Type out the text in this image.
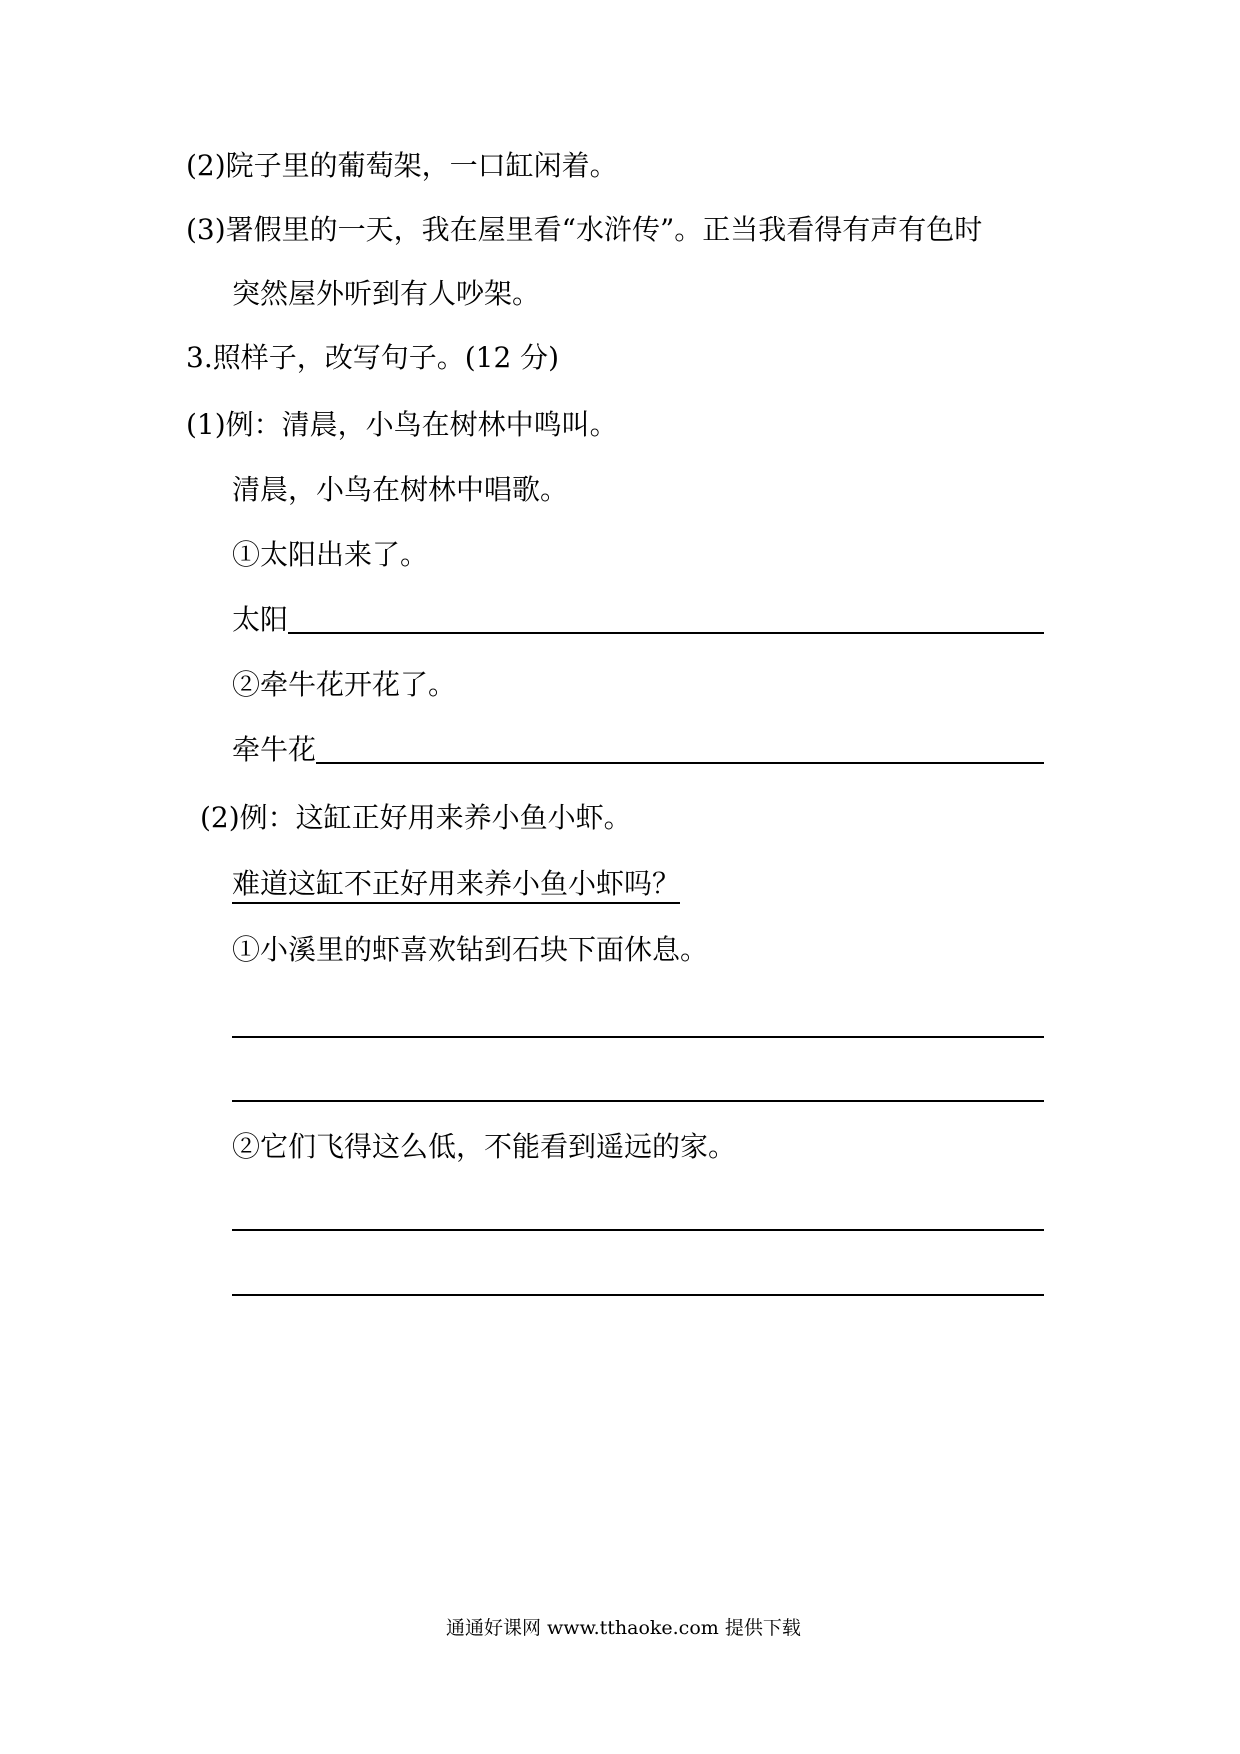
(2)院子里的葡萄架，一口缸闲着。
(3)署假里的一天，我在屋里看“水浒传”。正当我看得有声有色时
突然屋外听到有人吵架。
3.照样子，改写句子。(12 分)
(1)例：清晨，小鸟在树林中鸣叫。
清晨，小鸟在树林中唱歌。
①太阳出来了。
太阳
②牵牛花开花了。
牵牛花
(2)例：这缸正好用来养小鱼小虾。
难道这缸不正好用来养小鱼小虾吗？
①小溪里的虾喜欢钻到石块下面休息。
②它们飞得这么低，不能看到遥远的家。
通通好课网 www.tthaoke.com 提供下载
